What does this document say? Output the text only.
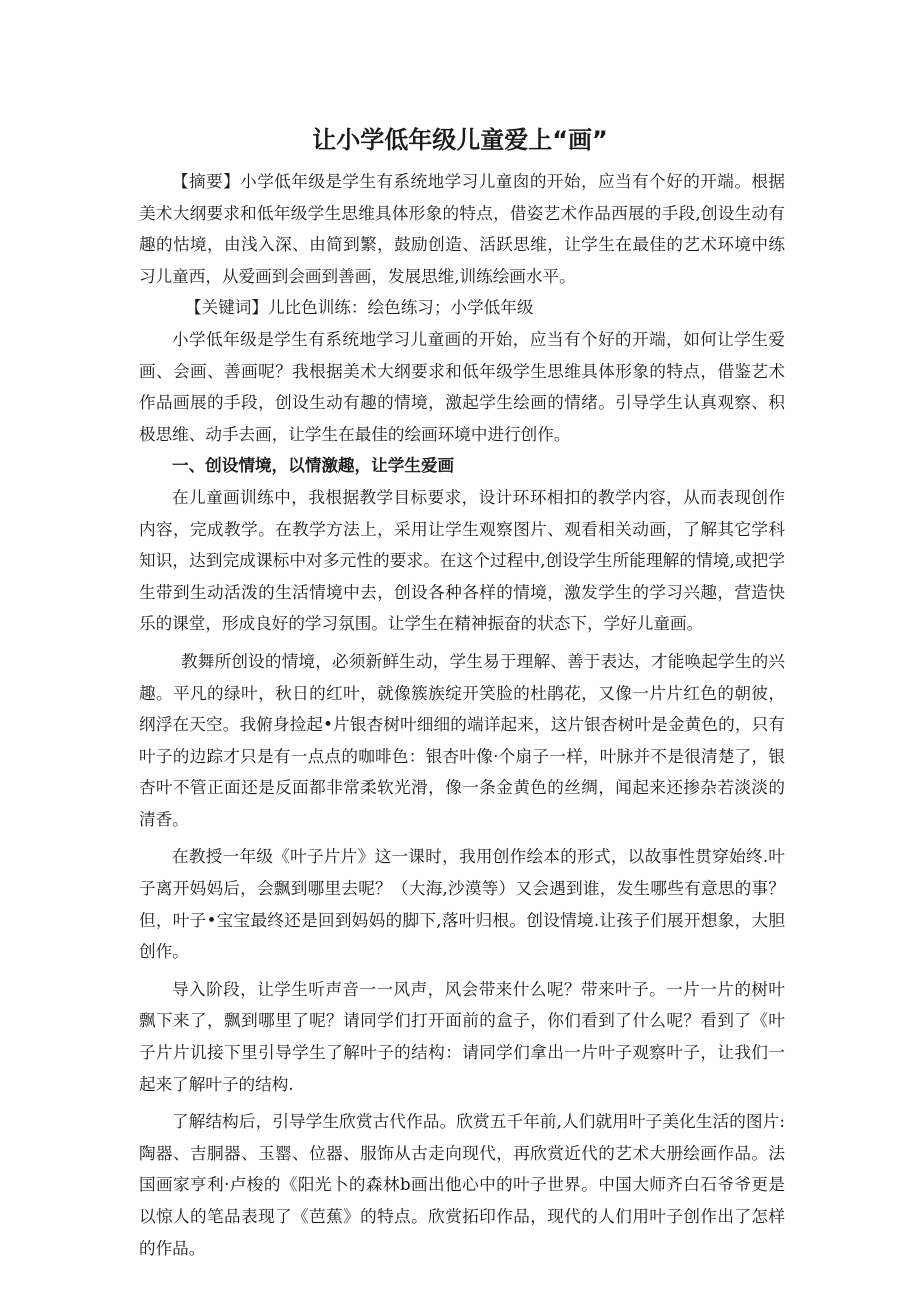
让小学低年级儿童爱上“画”

【摘要】小学低年级是学生有系统地学习儿童囱的开始，应当有个好的开端。根据美术大纲要求和低年级学生思维具体形象的特点，借姿艺术作品西展的手段,创设生动有趣的怙境，由浅入深、由简到繁，鼓励创造、活跃思维，让学生在最佳的艺术环境中练习儿童西，从爱画到会画到善画，发展思维,训练绘画水平。

【关键词】儿比色训练：绘色练习；小学低年级

小学低年级是学生有系统地学习儿童画的开始，应当有个好的开端，如何让学生爱画、会画、善画呢？我根据美术大纲要求和低年级学生思维具体形象的特点，借鉴艺术作品画展的手段，创设生动有趣的情境，激起学生绘画的情绪。引导学生认真观察、积极思维、动手去画，让学生在最佳的绘画环境中进行创作。

一、创设情境，以情激趣，让学生爱画

在儿童画训练中，我根据教学目标要求，设计环环相扣的教学内容，从而表现创作内容，完成教学。在教学方法上，采用让学生观察图片、观看相关动画，了解其它学科知识，达到完成课标中对多元性的要求。在这个过程中,创设学生所能理解的情境,或把学生带到生动活泼的生活情境中去，创设各种各样的情境，激发学生的学习兴趣，营造快乐的课堂，形成良好的学习氛围。让学生在精神振奋的状态下，学好儿童画。

教舞所创设的情境，必须新鲜生动，学生易于理解、善于表达，才能唤起学生的兴趣。平凡的绿叶，秋日的红叶，就像簇族绽开笑脸的杜鹃花，又像一片片红色的朝彼，纲浮在天空。我俯身捡起•片银杏树叶细细的端详起来，这片银杏树叶是金黄色的，只有叶子的边踪才只是有一点点的咖啡色：银杏叶像·个扇子一样，叶脉并不是很清楚了，银杏叶不管正面还是反面都非常柔软光滑，像一条金黄色的丝绸，闻起来还掺杂若淡淡的清香。

在教授一年级《叶子片片》这一课时，我用创作绘本的形式，以故事性贯穿始终.叶子离开妈妈后，会飘到哪里去呢？（大海,沙漠等）又会遇到谁，发生哪些有意思的事？但，叶子•宝宝最终还是回到妈妈的脚下,落叶归根。创设情境.让孩子们展开想象，大胆创作。

导入阶段，让学生听声音一一风声，风会带来什么呢？带来叶子。一片一片的树叶飘下来了，飘到哪里了呢？请同学们打开面前的盒子，你们看到了什么呢？看到了《叶子片片讥接下里引导学生了解叶子的结构：请同学们拿出一片叶子观察叶子，让我们一起来了解叶子的结构.

了解结构后，引导学生欣赏古代作品。欣赏五千年前,人们就用叶子美化生活的图片:陶器、吉胴器、玉罂、位器、服饰从古走向现代，再欣赏近代的艺术大册绘画作品。法国画家亨利·卢梭的《阳光卜的森林b画出他心中的叶子世界。中国大师齐白石爷爷更是以惊人的笔品表现了《芭蕉》的特点。欣赏拓印作品，现代的人们用叶子创作出了怎样的作品。
